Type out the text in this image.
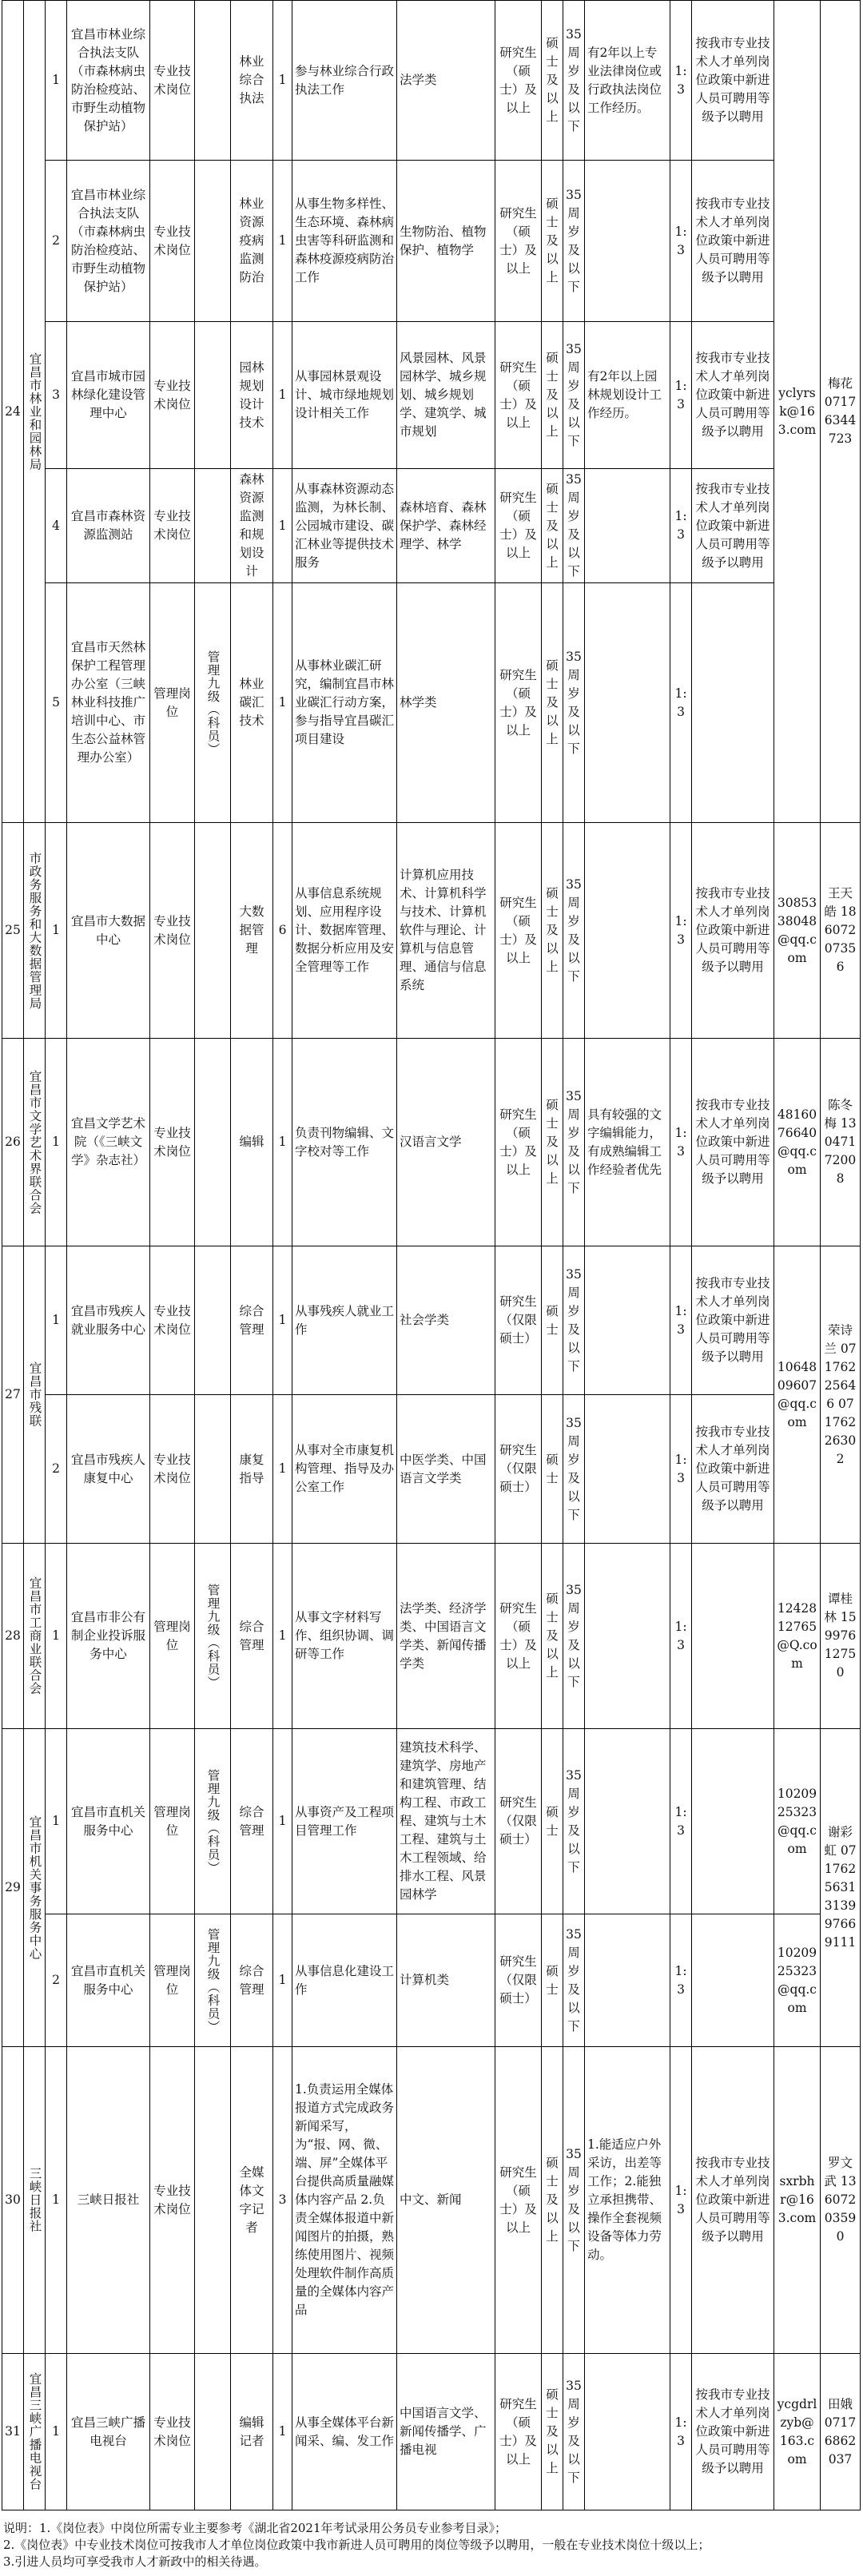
24	宜昌市林业和园林局	1	宜昌市林业综合执法支队（市森林病虫防治检疫站、市野生动植物保护站）	专业技术岗位		林业综合执法	1	参与林业综合行政执法工作	法学类	研究生（硕士）及以上	硕士及以上	35周岁及以下	有2年以上专业法律岗位或行政执法岗位工作经历。	1:3	按我市专业技术人才单列岗位政策中新进人员可聘用等级予以聘用	yclyrsk@163.com	梅花 07176344723
		2	宜昌市林业综合执法支队（市森林病虫防治检疫站、市野生动植物保护站）	专业技术岗位		林业资源疫病监测防治	1	从事生物多样性、生态环境、森林病虫害等科研监测和森林疫源疫病防治工作	生物防治、植物保护、植物学	研究生（硕士）及以上	硕士及以上	35周岁及以下		1:3	按我市专业技术人才单列岗位政策中新进人员可聘用等级予以聘用		
		3	宜昌市城市园林绿化建设管理中心	专业技术岗位		园林规划设计技术	1	从事园林景观设计、城市绿地规划设计相关工作	风景园林、风景园林学、城乡规划、城乡规划学、建筑学、城市规划	研究生（硕士）及以上	硕士及以上	35周岁及以下	有2年以上园林规划设计工作经历。	1:3	按我市专业技术人才单列岗位政策中新进人员可聘用等级予以聘用		
		4	宜昌市森林资源监测站	专业技术岗位		森林资源监测和规划设计	1	从事森林资源动态监测，为林长制、公园城市建设、碳汇林业等提供技术服务	森林培育、森林保护学、森林经理学、林学	研究生（硕士）及以上	硕士及以上	35周岁及以下		1:3	按我市专业技术人才单列岗位政策中新进人员可聘用等级予以聘用		
		5	宜昌市天然林保护工程管理办公室（三峡林业科技推广培训中心、市生态公益林管理办公室）	管理岗位	管理九级（科员）	林业碳汇技术	1	从事林业碳汇研究，编制宜昌市林业碳汇行动方案，参与指导宜昌碳汇项目建设	林学类	研究生（硕士）及以上	硕士及以上	35周岁及以下		1:3			
25	市政务服务和大数据管理局	1	宜昌市大数据中心	专业技术岗位		大数据管理	6	从事信息系统规划、应用程序设计、数据库管理、数据分析应用及安全管理等工作	计算机应用技术、计算机科学与技术、计算机软件与理论、计算机与信息管理、通信与信息系统	研究生（硕士）及以上	硕士及以上	35周岁及以下		1:3	按我市专业技术人才单列岗位政策中新进人员可聘用等级予以聘用	3085338048@qq.com	王天皓 18607207356
26	宜昌市文学艺术界联合会	1	宜昌文学艺术院（《三峡文学》杂志社）	专业技术岗位		编辑	1	负责刊物编辑、文字校对等工作	汉语言文学	研究生（硕士）及以上	硕士及以上	35周岁及以下	具有较强的文字编辑能力，有成熟编辑工作经验者优先	1:3	按我市专业技术人才单列岗位政策中新进人员可聘用等级予以聘用	4816076640@qq.com	陈冬梅 13047172008
27	宜昌市残联	1	宜昌市残疾人就业服务中心	专业技术岗位		综合管理	1	从事残疾人就业工作	社会学类	研究生（仅限硕士）	硕士	35周岁及以下		1:3	按我市专业技术人才单列岗位政策中新进人员可聘用等级予以聘用	1064809607@qq.com	荣诗兰 07176225646 07176226302
		2	宜昌市残疾人康复中心	专业技术岗位		康复指导	1	从事对全市康复机构管理、指导及办公室工作	中医学类、中国语言文学类	研究生（仅限硕士）	硕士	35周岁及以下		1:3	按我市专业技术人才单列岗位政策中新进人员可聘用等级予以聘用		
28	宜昌市工商业联合会	1	宜昌市非公有制企业投诉服务中心	管理岗位	管理九级（科员）	综合管理	1	从事文字材料写作、组织协调、调研等工作	法学类、经济学类、中国语言文学类、新闻传播学类	研究生（硕士）及以上	硕士及以上	35周岁及以下		1:3		1242812765@Q.com	谭桂林 15997612750
29	宜昌市机关事务服务中心	1	宜昌市直机关服务中心	管理岗位	管理九级（科员）	综合管理	1	从事资产及工程项目管理工作	建筑技术科学、建筑学、房地产和建筑管理、结构工程、市政工程、建筑与土木工程、建筑与土木工程领域、给排水工程、风景园林学	研究生（仅限硕士）	硕士	35周岁及以下		1:3		1020925323@qq.com	谢彩虹 0717625631 313997669111
		2	宜昌市直机关服务中心	管理岗位	管理九级（科员）	综合管理	1	从事信息化建设工作	计算机类	研究生（仅限硕士）	硕士	35周岁及以下		1:3		1020925323@qq.com	
30	三峡日报社	1	三峡日报社	专业技术岗位		全媒体文字记者	3	1.负责运用全媒体报道方式完成政务新闻采写，为“报、网、微、端、屏”全媒体平台提供高质量融媒体内容产品 2.负责全媒体报道中新闻图片的拍摄，熟练使用图片、视频处理软件制作高质量的全媒体内容产品	中文、新闻	研究生（硕士）及以上	硕士及以上	35周岁及以下	1.能适应户外采访，出差等工作；2.能独立承担携带、操作全套视频设备等体力劳动。	1:3	按我市专业技术人才单列岗位政策中新进人员可聘用等级予以聘用	sxrbhr@163.com	罗文武 13607203590
31	宜昌三峡广播电视台	1	宜昌三峡广播电视台	专业技术岗位		编辑记者	1	从事全媒体平台新闻采、编、发工作	中国语言文学、新闻传播学、广播电视	研究生（硕士）及以上	硕士及以上	35周岁及以下		1:3	按我市专业技术人才单列岗位政策中新进人员可聘用等级予以聘用	ycgdrlzyb@163.com	田娥 07176862037
说明：1.《岗位表》中岗位所需专业主要参考《湖北省2021年考试录用公务员专业参考目录》；
2.《岗位表》中专业技术岗位可按我市人才单位岗位政策中我市新进人员可聘用的岗位等级予以聘用，一般在专业技术岗位十级以上；
3.引进人员均可享受我市人才新政中的相关待遇。
